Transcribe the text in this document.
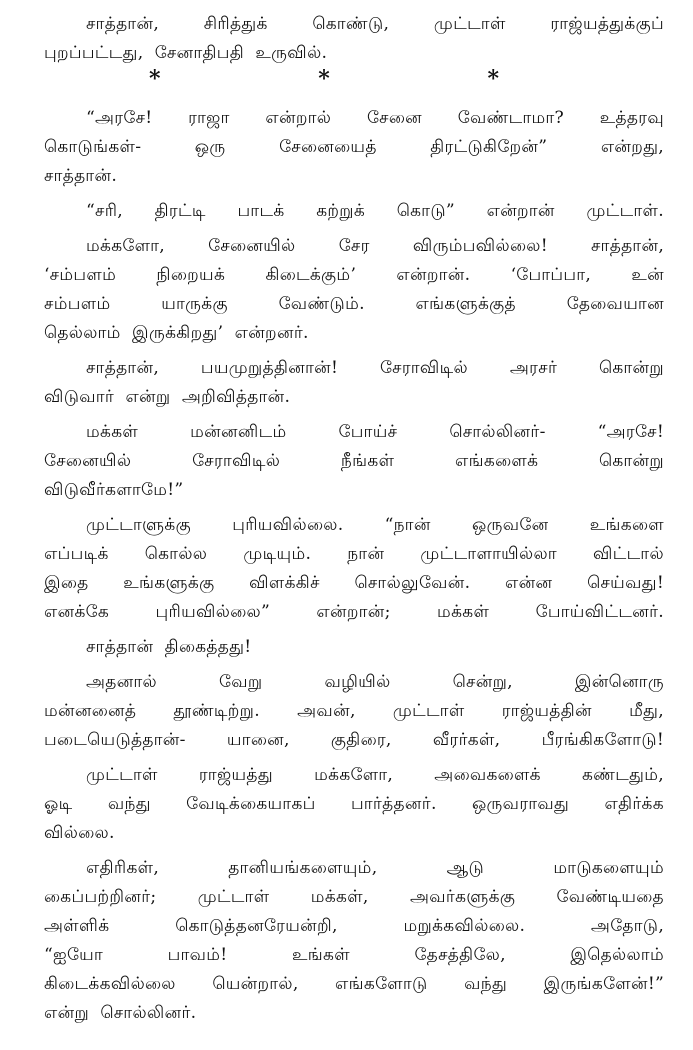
சாத்தான்,	சிரித்துக்	கொண்டு,	முட்டாள்	ராஜ்யத்துக்குப்
புறப்பட்டது, சேனாதிபதி உருவில்.
*	*	*
“அரசே! ராஜா என்றால் சேனை வேண்டாமா? உத்தரவு
கொடுங்கள்-	ஒரு	சேனையைத்	திரட்டுகிறேன்”	என்றது,
சாத்தான்.
“சரி, திரட்டி பாடக் கற்றுக் கொடு” என்றான் முட்டாள்.
மக்களோ,	சேனையில்	சேர	விரும்பவில்லை!	சாத்தான்,
‘சம்பளம் நிறையக் கிடைக்கும்’ என்றான். ‘போப்பா, உன்
சம்பளம்	யாருக்கு	வேண்டும்.	எங்களுக்குத்	தேவையான
தெல்லாம் இருக்கிறது’ என்றனர்.
சாத்தான், பயமுறுத்தினான்! சேராவிடில் அரசர் கொன்று
விடுவார் என்று அறிவித்தான்.
மக்கள்	மன்னனிடம்	போய்ச்	சொல்லினர்-	“அரசே!
சேனையில்	சேராவிடில்	நீங்கள்	எங்களைக்	கொன்று
விடுவீர்களாமே!”
முட்டாளுக்கு புரியவில்லை. “நான் ஒருவனே உங்களை
எப்படிக் கொல்ல முடியும். நான் முட்டாளாயில்லா விட்டால்
இதை உங்களுக்கு விளக்கிச் சொல்லுவேன். என்ன செய்வது!
எனக்கே	புரியவில்லை”	என்றான்;	மக்கள்	போய்விட்டனர்.
சாத்தான் திகைத்தது!
அதனால்	வேறு	வழியில்	சென்று,	இன்னொரு
மன்னனைத் தூண்டிற்று. அவன், முட்டாள் ராஜ்யத்தின் மீது,
படையெடுத்தான்- யானை, குதிரை, வீரர்கள், பீரங்கிகளோடு!
முட்டாள் ராஜ்யத்து மக்களோ, அவைகளைக் கண்டதும்,
ஓடி வந்து வேடிக்கையாகப் பார்த்தனர். ஒருவராவது எதிர்க்க
வில்லை.
எதிரிகள்,	தானியங்களையும்,	ஆடு	மாடுகளையும்
கைப்பற்றினர்; முட்டாள் மக்கள், அவர்களுக்கு வேண்டியதை
அள்ளிக்	கொடுத்தனரேயன்றி,	மறுக்கவில்லை.	அதோடு,
“ஐயோ	பாவம்!	உங்கள்	தேசத்திலே,	இதெல்லாம்
கிடைக்கவில்லை யென்றால், எங்களோடு வந்து இருங்களேன்!”
என்று சொல்லினர்.
